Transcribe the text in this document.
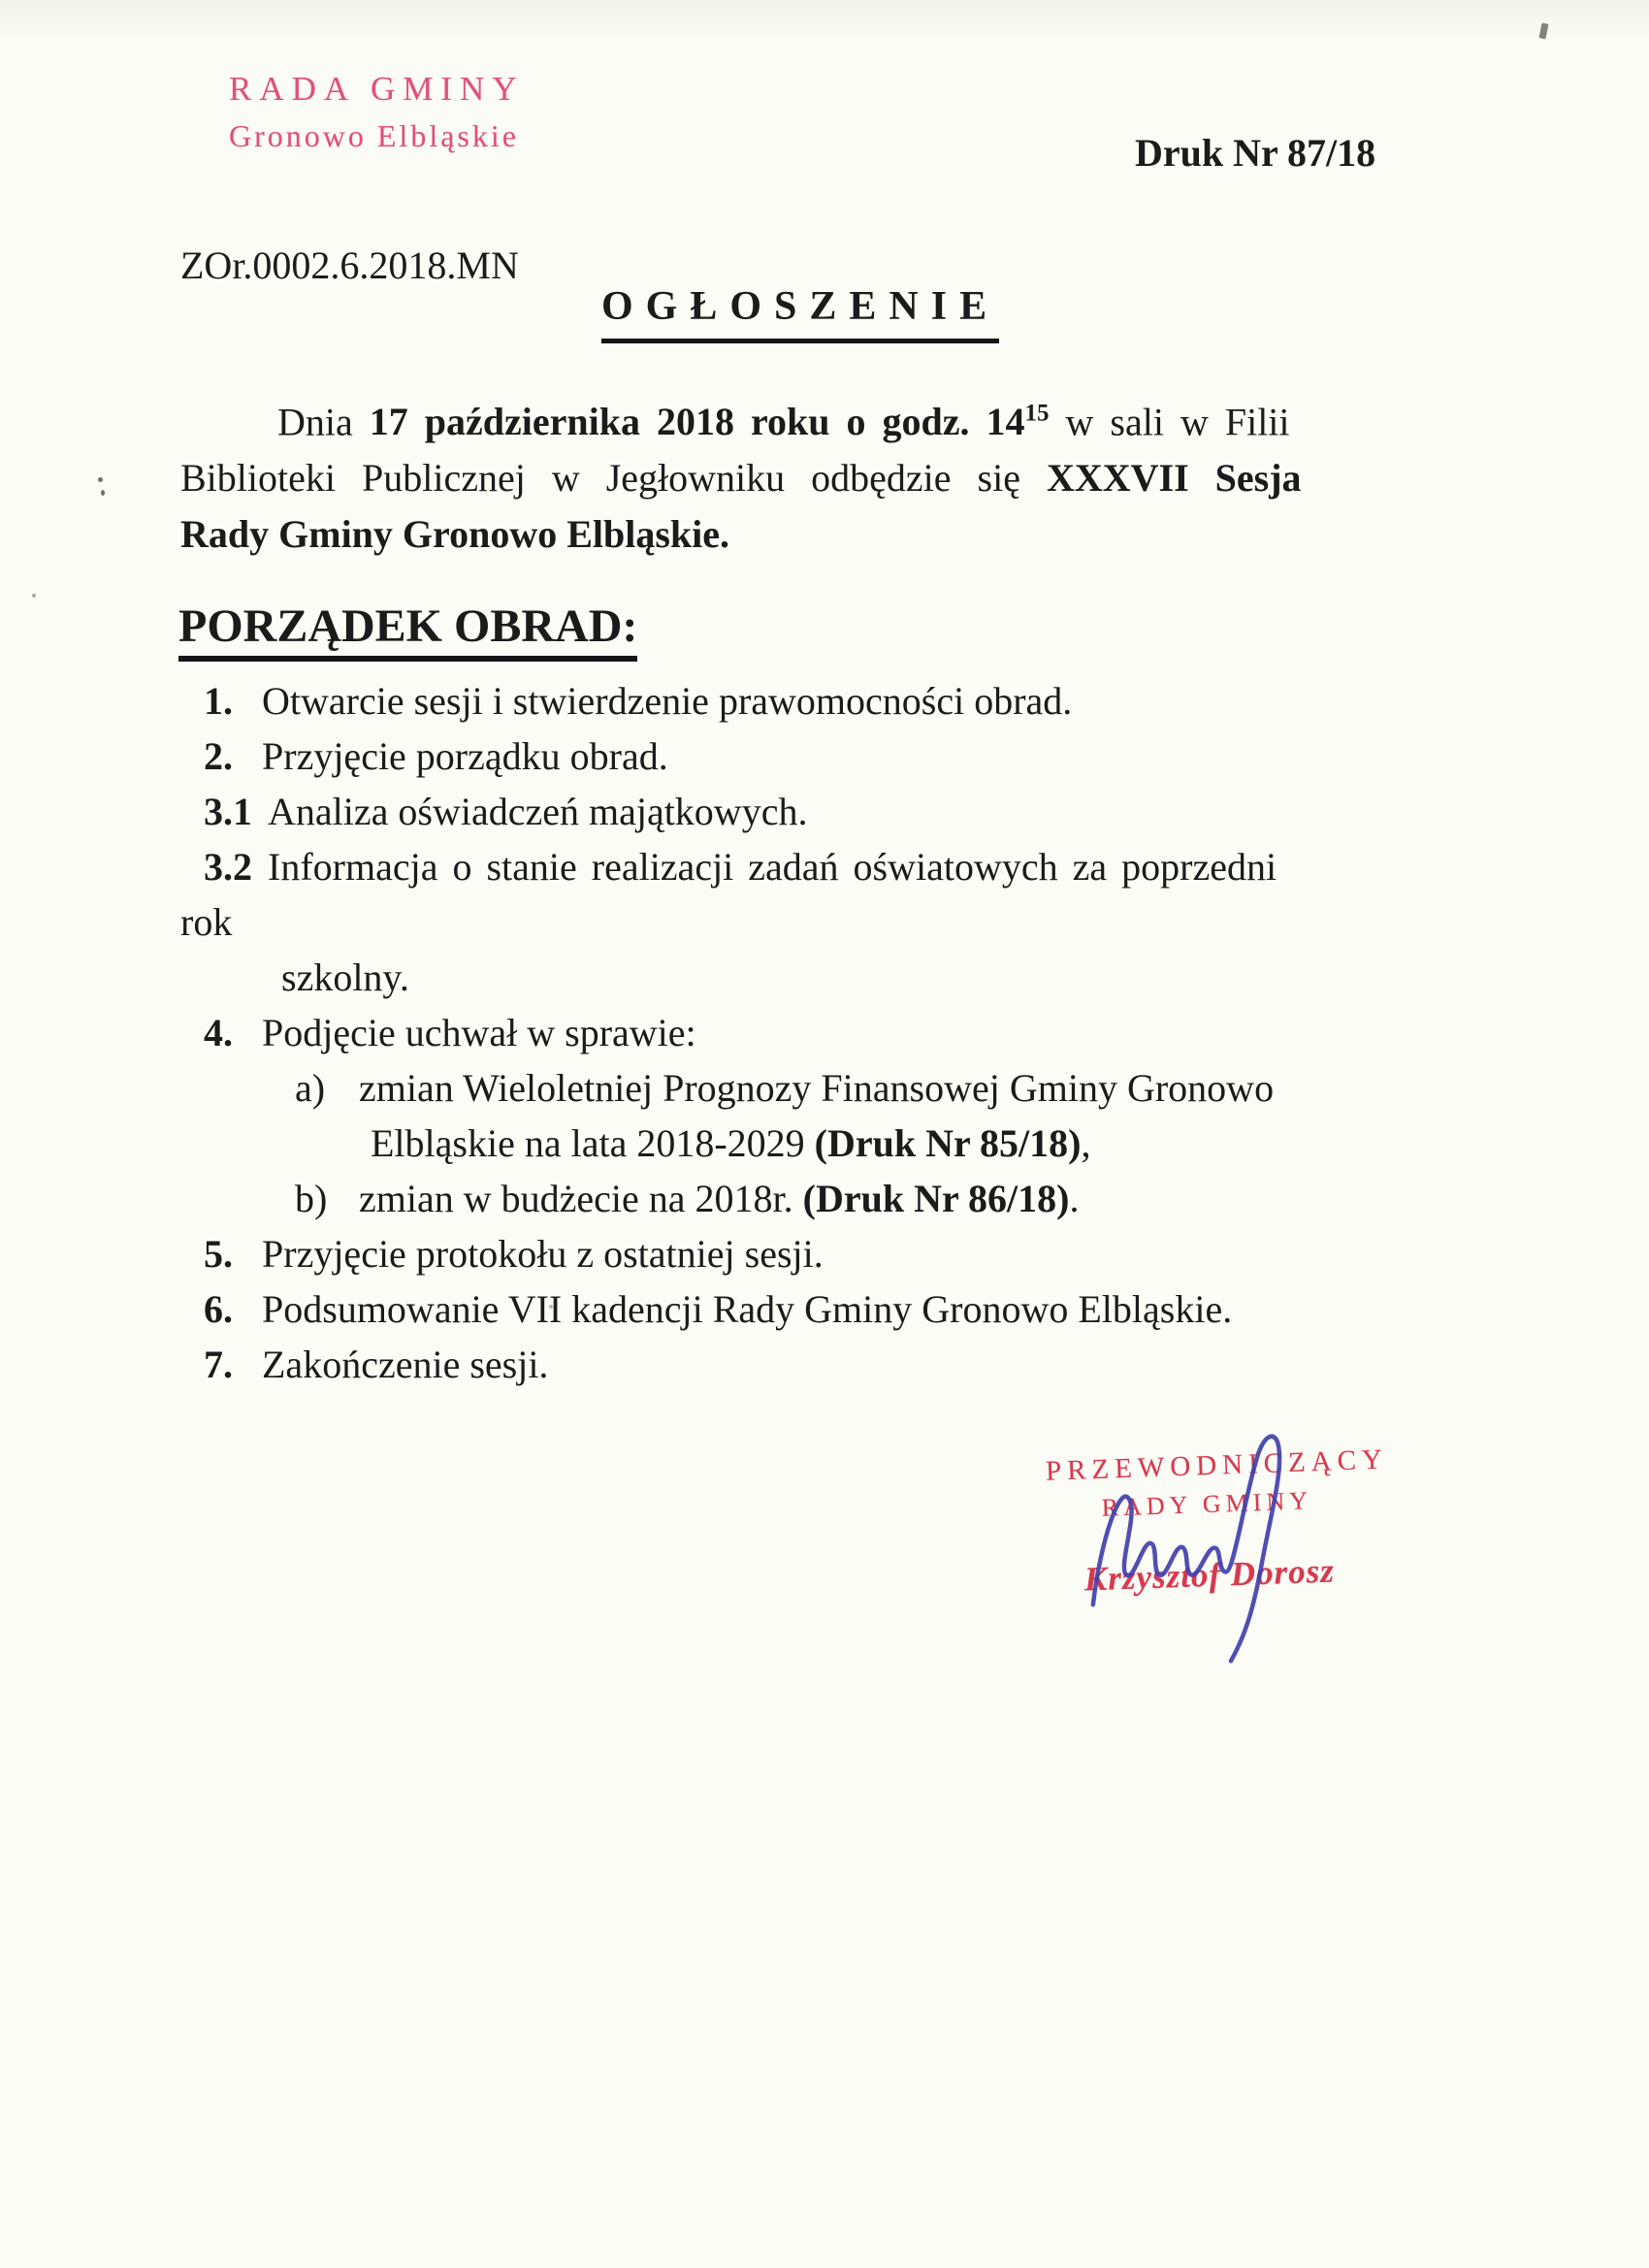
RADA GMINY
Gronowo Elbląskie	Druk Nr 87/18
ZOr.0002.6.2018.MN
OGŁOSZENIE
Dnia 17 października 2018 roku o godz. $14^{15}$ w sali w Filii
Biblioteki Publicznej w Jegłowniku odbędzie się XXXVII Sesja
Rady Gminy Gronowo Elbląskie.
PORZĄDEK OBRAD:
1. Otwarcie sesji i stwierdzenie prawomocności obrad.
2. Przyjęcie porządku obrad.
3.1 Analiza oświadczeń majątkowych.
3.2 Informacja o stanie realizacji zadań oświatowych za poprzedni
rok
szkolny.
4. Podjęcie uchwał w sprawie:
a) zmian Wieloletniej Prognozy Finansowej Gminy Gronowo
Elbląskie na lata 2018-2029 (Druk Nr 85/18),
b) zmian w budżecie na 2018r. (Druk Nr 86/18).
5. Przyjęcie protokołu z ostatniej sesji.
6. Podsumowanie VII kadencji Rady Gminy Gronowo Elbląskie.
7. Zakończenie sesji.
PRZEWODNICZĄCY
RADY GMINY
Krzysztof Dorosz
